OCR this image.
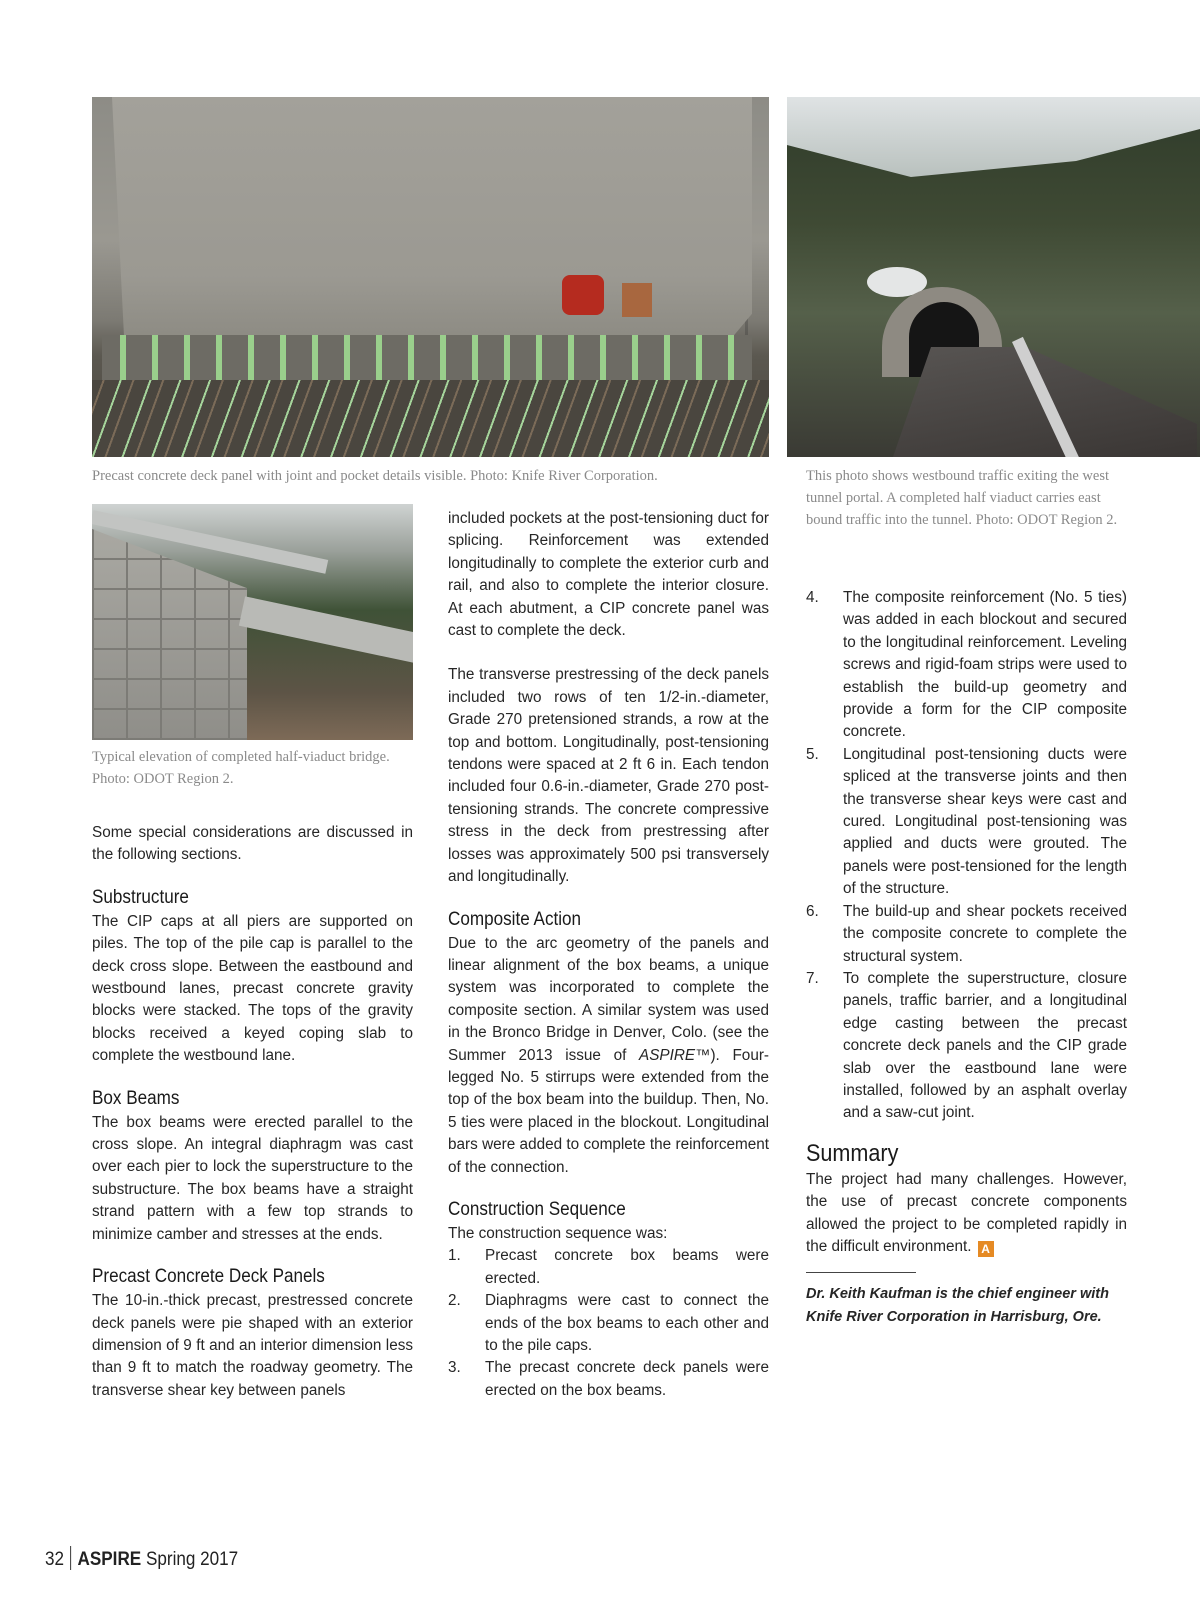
Precast concrete deck panel with joint and pocket details visible. Photo: Knife River Corporation.	This photo shows westbound traffic exiting the west tunnel portal. A completed half viaduct carries east bound traffic into the tunnel. Photo: ODOT Region 2.
Typical elevation of completed half-viaduct bridge. Photo: ODOT Region 2.

Some special considerations are discussed in the following sections.

Substructure

The CIP caps at all piers are supported on piles. The top of the pile cap is parallel to the deck cross slope. Between the eastbound and westbound lanes, precast concrete gravity blocks were stacked. The tops of the gravity blocks received a keyed coping slab to complete the westbound lane.

Box Beams

The box beams were erected parallel to the cross slope. An integral diaphragm was cast over each pier to lock the superstructure to the substructure. The box beams have a straight strand pattern with a few top strands to minimize camber and stresses at the ends.

Precast Concrete Deck Panels

The 10-in.-thick precast, prestressed concrete deck panels were pie shaped with an exterior dimension of 9 ft and an interior dimension less than 9 ft to match the roadway geometry. The transverse shear key between panels

included pockets at the post-tensioning duct for splicing. Reinforcement was extended longitudinally to complete the exterior curb and rail, and also to complete the interior closure. At each abutment, a CIP concrete panel was cast to complete the deck.

The transverse prestressing of the deck panels included two rows of ten 1/2-in.-diameter, Grade 270 pretensioned strands, a row at the top and bottom. Longitudinally, post-tensioning tendons were spaced at 2 ft 6 in. Each tendon included four 0.6-in.-diameter, Grade 270 post-tensioning strands. The concrete compressive stress in the deck from prestressing after losses was approximately 500 psi transversely and longitudinally.

Composite Action

Due to the arc geometry of the panels and linear alignment of the box beams, a unique system was incorporated to complete the composite section. A similar system was used in the Bronco Bridge in Denver, Colo. (see the Summer 2013 issue of ASPIRE™). Four-legged No. 5 stirrups were extended from the top of the box beam into the buildup. Then, No. 5 ties were placed in the blockout. Longitudinal bars were added to complete the reinforcement of the connection.

Construction Sequence

The construction sequence was:

1. Precast concrete box beams were erected.
2. Diaphragms were cast to connect the ends of the box beams to each other and to the pile caps.
3. The precast concrete deck panels were erected on the box beams.
4. The composite reinforcement (No. 5 ties) was added in each blockout and secured to the longitudinal reinforcement. Leveling screws and rigid-foam strips were used to establish the build-up geometry and provide a form for the CIP composite concrete.
5. Longitudinal post-tensioning ducts were spliced at the transverse joints and then the transverse shear keys were cast and cured. Longitudinal post-tensioning was applied and ducts were grouted. The panels were post-tensioned for the length of the structure.
6. The build-up and shear pockets received the composite concrete to complete the structural system.
7. To complete the superstructure, closure panels, traffic barrier, and a longitudinal edge casting between the precast concrete deck panels and the CIP grade slab over the eastbound lane were installed, followed by an asphalt overlay and a saw-cut joint.
Summary

The project had many challenges. However, the use of precast concrete components allowed the project to be completed rapidly in the difficult environment. A

Dr. Keith Kaufman is the chief engineer with Knife River Corporation in Harrisburg, Ore.

32 ASPIRE Spring 2017
